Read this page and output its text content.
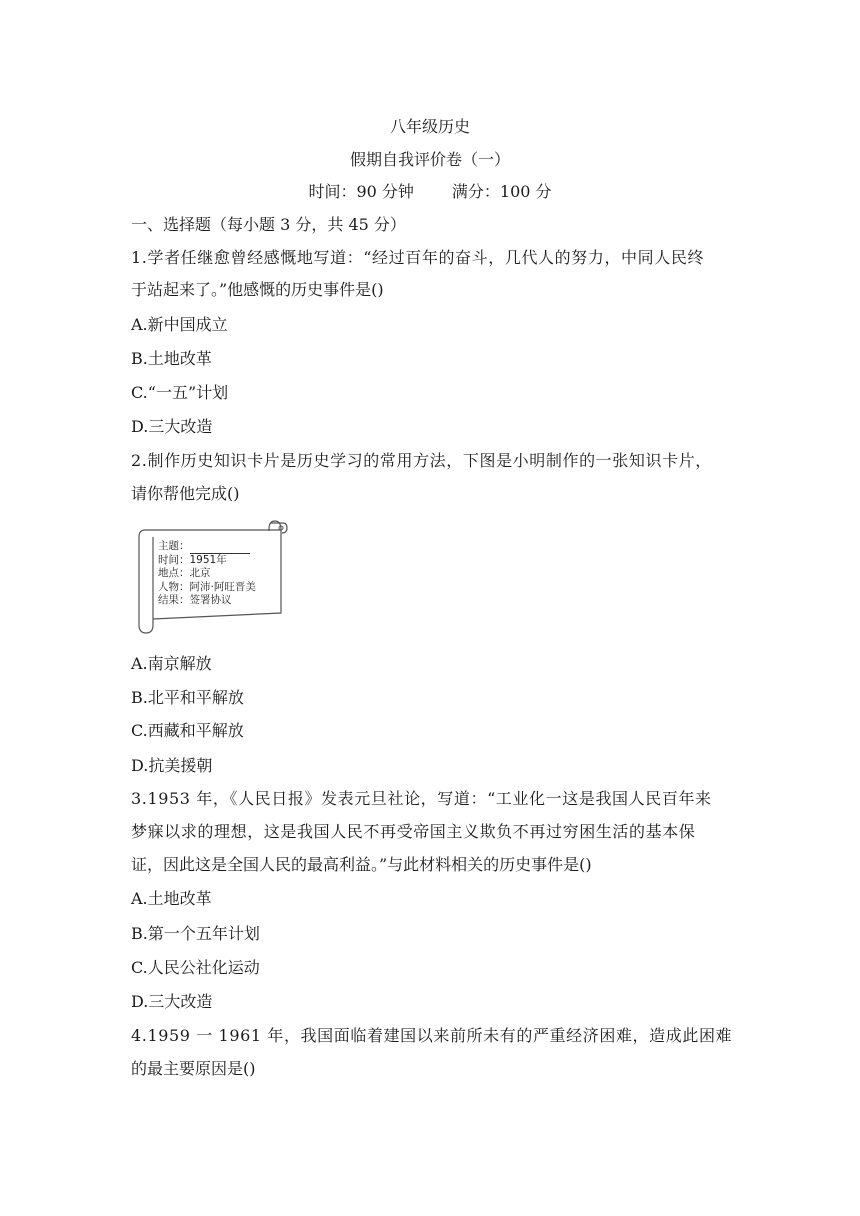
八年级历史
假期自我评价卷（一）
时间：90 分钟 满分：100 分
一、选择题（每小题 3 分，共 45 分）
1.学者任继愈曾经感慨地写道：“经过百年的奋斗，几代人的努力，中同人民终
于站起来了。”他感慨的历史事件是()
A.新中国成立
B.土地改革
C.“一五”计划
D.三大改造
2.制作历史知识卡片是历史学习的常用方法，下图是小明制作的一张知识卡片，
请你帮他完成()
主题：
时间：1951年
地点：北京
人物：阿沛·阿旺晋美
结果：签署协议
A.南京解放
B.北平和平解放
C.西藏和平解放
D.抗美援朝
3.1953 年，《人民日报》发表元旦社论，写道：“工业化一这是我国人民百年来
梦寐以求的理想，这是我国人民不再受帝国主义欺负不再过穷困生活的基本保
证，因此这是全国人民的最高利益。”与此材料相关的历史事件是()
A.土地改革
B.第一个五年计划
C.人民公社化运动
D.三大改造
4.1959 一 1961 年，我国面临着建国以来前所未有的严重经济困难，造成此困难
的最主要原因是()
